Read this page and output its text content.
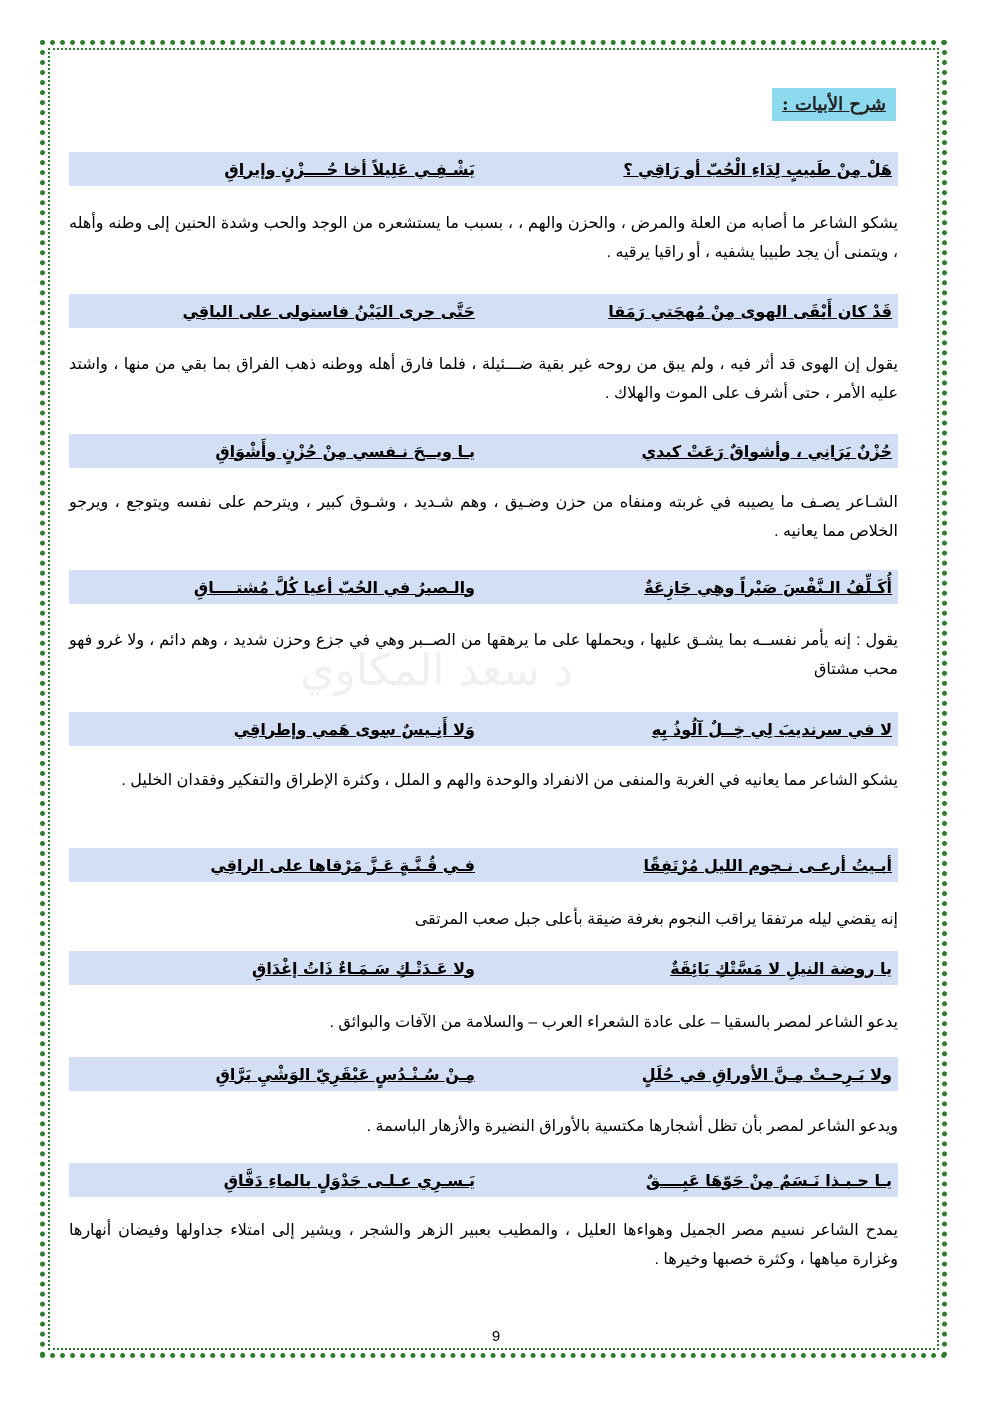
د سعد المكاوي
شرح الأبيات :
هَلْ مِنْ طَبيبٍ لِدَاءِ الْحُبّ أو رَاقِي ؟
يَشْـفِـي عَلِيلاً أخا حُــــزْنٍ وإيراقِ
يشكو الشاعر ما أصابه من العلة والمرض ، والحزن والهم ، ، بسبب ما يستشعره من الوجد والحب وشدة الحنين إلى وطنه وأهله ، ويتمنى أن يجد طبيبا يشفيه ، أو راقيا يرقيه .
قَدْ كان أَبْقَى الهوى مِنْ مُهجَتي رَمَقا
حَتَّى جرى البَيْنُ فاستولى على الباقِي
يقول إن الهوى قد أثر فيه ، ولم يبق من روحه غير بقية ضـــئيلة ، فلما فارق أهله ووطنه ذهب الفراق بما بقي من منها ، واشتد عليه الأمر ، حتى أشرف على الموت والهلاك .
حُزْنٌ بَرَانِي ، وأشواقٌ رَعَتْ كبدي
يـا ويــحَ نـفسي مِنْ حُزْنٍ وأَشْوَاقِ
الشـاعر يصـف ما يصيبه في غربته ومنفاه من حزن وضـيق ، وهم شـديد ، وشـوق كبير ، ويترحم على نفسه ويتوجع ، ويرجو الخلاص مما يعانيه .
أُكَـلِّفُ الـنَّفْسَ صَبْراً وهِي جَازِعَةٌ
والـصبرُ في الحُبّ أعيا كُلَّ مُشتــــاقِ
يقول : إنه يأمر نفســه بما يشـق عليها ، ويحملها على ما يرهقها من الصــبر وهي في جزع وحزن شديد ، وهم دائم ، ولا غرو فهو محب مشتاق
لا في سرنديبَ لِي خِــلٌ آلُوذُ بِهِ
وَلا أَنِـيسٌ سِوى هَمي وإطراقِي
يشكو الشاعر مما يعانيه في الغربة والمنفى من الانفراد والوحدة والهم و الملل ، وكثرة الإطراق والتفكير وفقدان الخليل .
أبـيتُ أرعـى نـجوم الليل مُرْتَفِقًا
فـي قُـنَّـةٍ عَـزَّ مَرْقاها على الراقِي
إنه يقضي ليله مرتفقا يراقب النجوم بغرفة ضيقة بأعلى جبل صعب المرتقى
يا روضة النيلِ لا مَسَّتْكِ بَائِقَةٌ
ولا عَـدَتْـكِ سَـمَـاءٌ ذَاتُ إغْدَاقِ
يدعو الشاعر لمصر بالسقيا – على عادة الشعراء العرب – والسلامة من الآفات والبوائق .
ولا بَـرِحـتْ مِـنَّ الأوراقِ في حُلَلٍ
مِـنْ سُـنْـدُسٍ عَبْقَرِيّ الوَشْيِ بَرَّاقِ
ويدعو الشاعر لمصر بأن تظل أشجارها مكتسية بالأوراق النضيرة والأزهار الباسمة .
يـا حـبـذا نَـسَمٌ مِنْ جَوّهَا عَبِــــقٌ
يَـسـرِي عـلـى جَدْوَلٍ بالماءِ دَفَّاقِ
يمدح الشاعر نسيم مصر الجميل وهواءها العليل ، والمطيب بعبير الزهر والشجر ، ويشير إلى امتلاء جداولها وفيضان أنهارها وغزارة مياهها ، وكثرة خصبها وخيرها .
9
